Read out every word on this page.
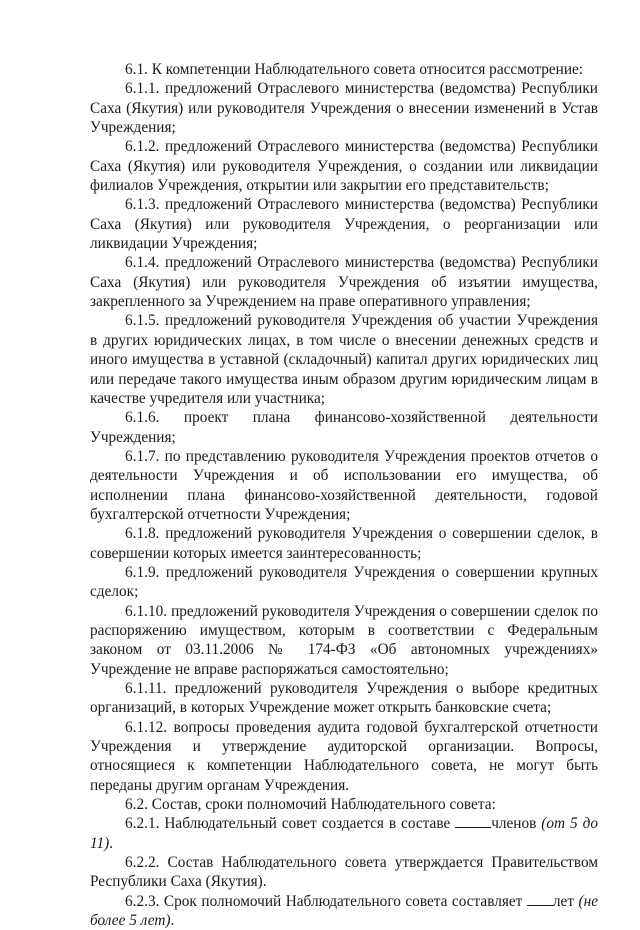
6.1. К компетенции Наблюдательного совета относится рассмотрение:

6.1.1. предложений Отраслевого министерства (ведомства) Республики Саха (Якутия) или руководителя Учреждения о внесении изменений в Устав Учреждения;

6.1.2. предложений Отраслевого министерства (ведомства) Республики Саха (Якутия) или руководителя Учреждения, о создании или ликвидации филиалов Учреждения, открытии или закрытии его представительств;

6.1.3. предложений Отраслевого министерства (ведомства) Республики Саха (Якутия) или руководителя Учреждения, о реорганизации или ликвидации Учреждения;

6.1.4. предложений Отраслевого министерства (ведомства) Республики Саха (Якутия) или руководителя Учреждения об изъятии имущества, закрепленного за Учреждением на праве оперативного управления;

6.1.5. предложений руководителя Учреждения об участии Учреждения в других юридических лицах, в том числе о внесении денежных средств и иного имущества в уставной (складочный) капитал других юридических лиц или передаче такого имущества иным образом другим юридическим лицам в качестве учредителя или участника;

6.1.6. проект плана финансово-хозяйственной деятельности Учреждения;

6.1.7. по представлению руководителя Учреждения проектов отчетов о деятельности Учреждения и об использовании его имущества, об исполнении плана финансово-хозяйственной деятельности, годовой бухгалтерской отчетности Учреждения;

6.1.8. предложений руководителя Учреждения о совершении сделок, в совершении которых имеется заинтересованность;

6.1.9. предложений руководителя Учреждения о совершении крупных сделок;

6.1.10. предложений руководителя Учреждения о совершении сделок по распоряжению имуществом, которым в соответствии с Федеральным законом от 03.11.2006 № 174-ФЗ «Об автономных учреждениях» Учреждение не вправе распоряжаться самостоятельно;

6.1.11. предложений руководителя Учреждения о выборе кредитных организаций, в которых Учреждение может открыть банковские счета;

6.1.12. вопросы проведения аудита годовой бухгалтерской отчетности Учреждения и утверждение аудиторской организации. Вопросы, относящиеся к компетенции Наблюдательного совета, не могут быть переданы другим органам Учреждения.

6.2. Состав, сроки полномочий Наблюдательного совета:

6.2.1. Наблюдательный совет создается в составе членов (от 5 до 11).

6.2.2. Состав Наблюдательного совета утверждается Правительством Республики Саха (Якутия).

6.2.3. Срок полномочий Наблюдательного совета составляет лет (не более 5 лет).
